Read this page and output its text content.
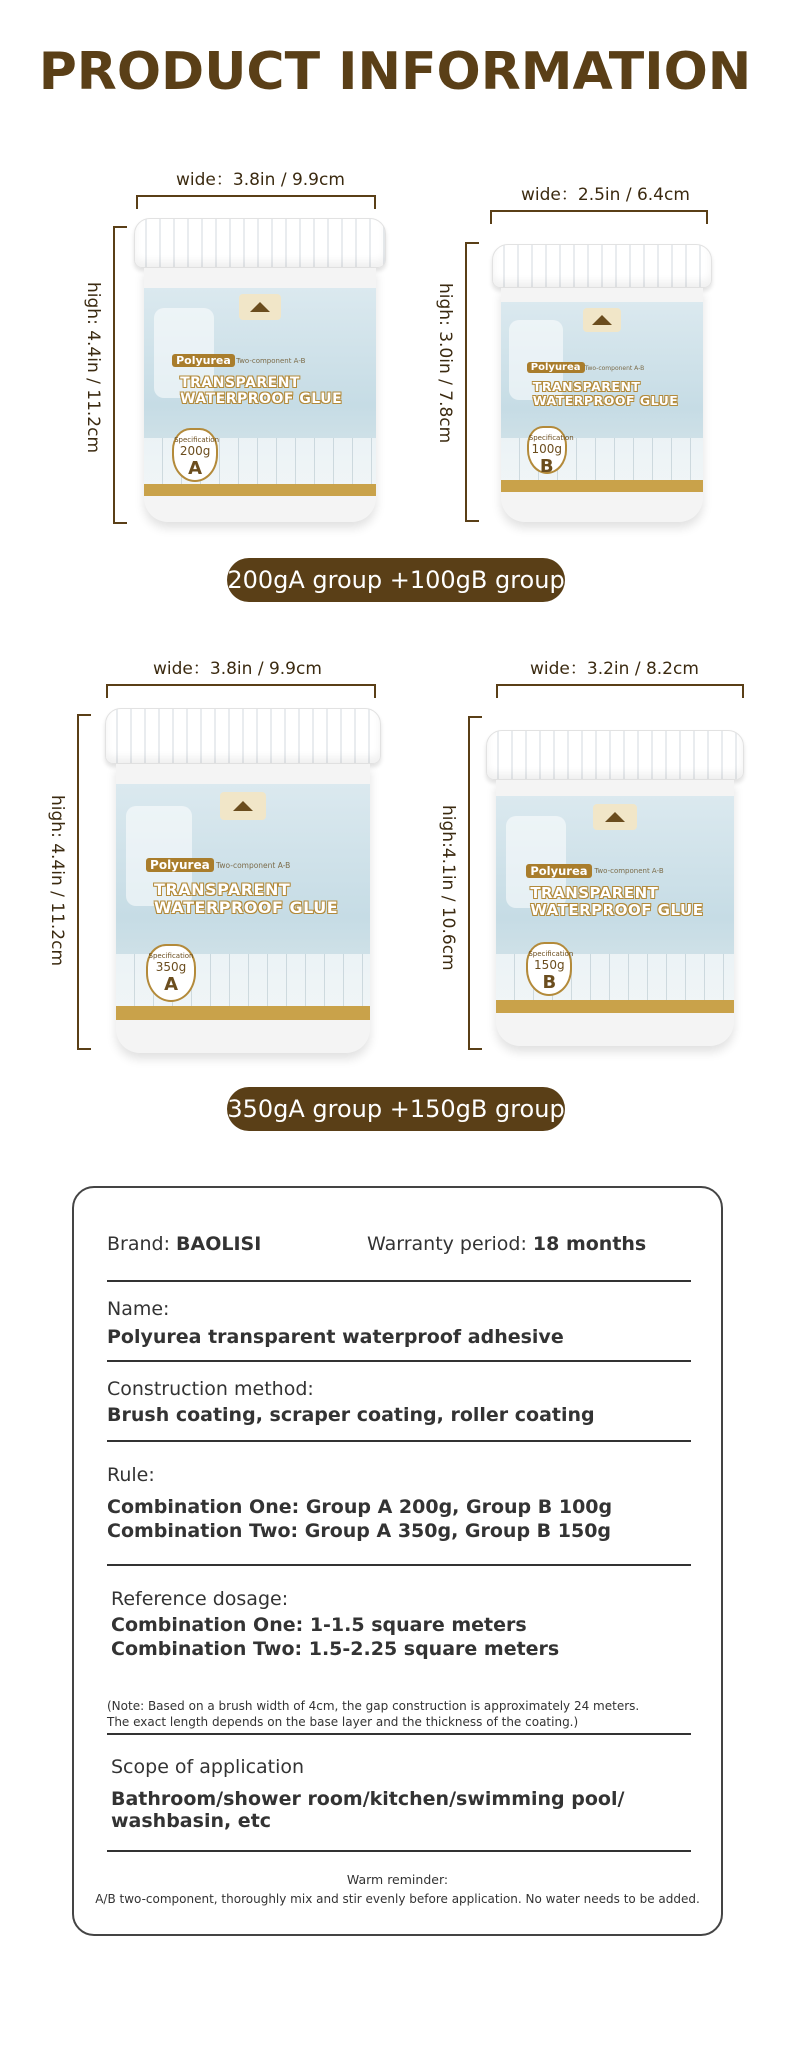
PRODUCT INFORMATION
wide：3.8in / 9.9cm
high: 4.4in / 11.2cm	Polyurea Two-component A-B
TRANSPARENT
WATERPROOF GLUE
Specification
200g
A
wide：2.5in / 6.4cm
high: 3.0in / 7.8cm	Polyurea Two-component A-B
TRANSPARENT
WATERPROOF GLUE
Specification
100g
B
200gA group +100gB group
wide：3.8in / 9.9cm
high: 4.4in / 11.2cm	Polyurea Two-component A-B
TRANSPARENT
WATERPROOF GLUE
Specification
350g
A
wide：3.2in / 8.2cm
high:4.1in / 10.6cm	Polyurea Two-component A-B
TRANSPARENT
WATERPROOF GLUE
Specification
150g
B
350gA group +150gB group
Brand: BAOLISI	Warranty period: 18 months
Name:
Polyurea transparent waterproof adhesive
Construction method:
Brush coating, scraper coating, roller coating
Rule:
Combination One: Group A 200g, Group B 100g
Combination Two: Group A 350g, Group B 150g
Reference dosage:
Combination One: 1-1.5 square meters
Combination Two: 1.5-2.25 square meters
(Note: Based on a brush width of 4cm, the gap construction is approximately 24 meters.
The exact length depends on the base layer and the thickness of the coating.)
Scope of application
Bathroom/shower room/kitchen/swimming pool/
washbasin, etc
Warm reminder:
A/B two-component, thoroughly mix and stir evenly before application. No water needs to be added.
